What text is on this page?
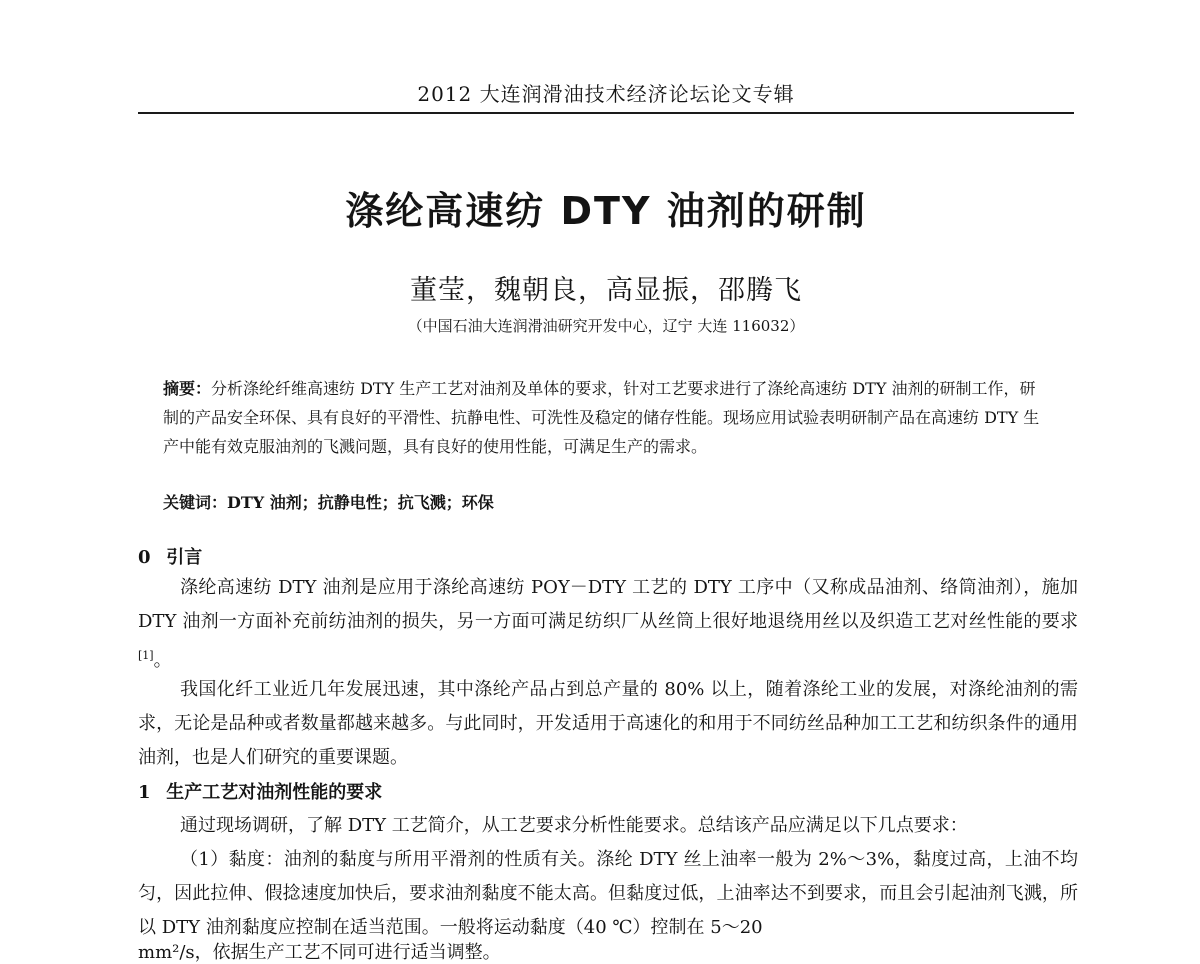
2012 大连润滑油技术经济论坛论文专辑
涤纶高速纺 DTY 油剂的研制
董莹，魏朝良，高显振，邵腾飞
（中国石油大连润滑油研究开发中心，辽宁 大连 116032）
摘要：分析涤纶纤维高速纺 DTY 生产工艺对油剂及单体的要求，针对工艺要求进行了涤纶高速纺 DTY 油剂的研制工作，研制的产品安全环保、具有良好的平滑性、抗静电性、可洗性及稳定的储存性能。现场应用试验表明研制产品在高速纺 DTY 生产中能有效克服油剂的飞溅问题，具有良好的使用性能，可满足生产的需求。
关键词：DTY 油剂；抗静电性；抗飞溅；环保
0 引言
涤纶高速纺 DTY 油剂是应用于涤纶高速纺 POY－DTY 工艺的 DTY 工序中（又称成品油剂、络筒油剂），施加 DTY 油剂一方面补充前纺油剂的损失，另一方面可满足纺织厂从丝筒上很好地退绕用丝以及织造工艺对丝性能的要求[1]。
我国化纤工业近几年发展迅速，其中涤纶产品占到总产量的 80% 以上，随着涤纶工业的发展，对涤纶油剂的需求，无论是品种或者数量都越来越多。与此同时，开发适用于高速化的和用于不同纺丝品种加工工艺和纺织条件的通用油剂，也是人们研究的重要课题。
1 生产工艺对油剂性能的要求
通过现场调研，了解 DTY 工艺简介，从工艺要求分析性能要求。总结该产品应满足以下几点要求：
（1）黏度：油剂的黏度与所用平滑剂的性质有关。涤纶 DTY 丝上油率一般为 2%～3%，黏度过高，上油不均匀，因此拉伸、假捻速度加快后，要求油剂黏度不能太高。但黏度过低，上油率达不到要求，而且会引起油剂飞溅，所以 DTY 油剂黏度应控制在适当范围。一般将运动黏度（40 ℃）控制在 5～20
mm²/s，依据生产工艺不同可进行适当调整。
